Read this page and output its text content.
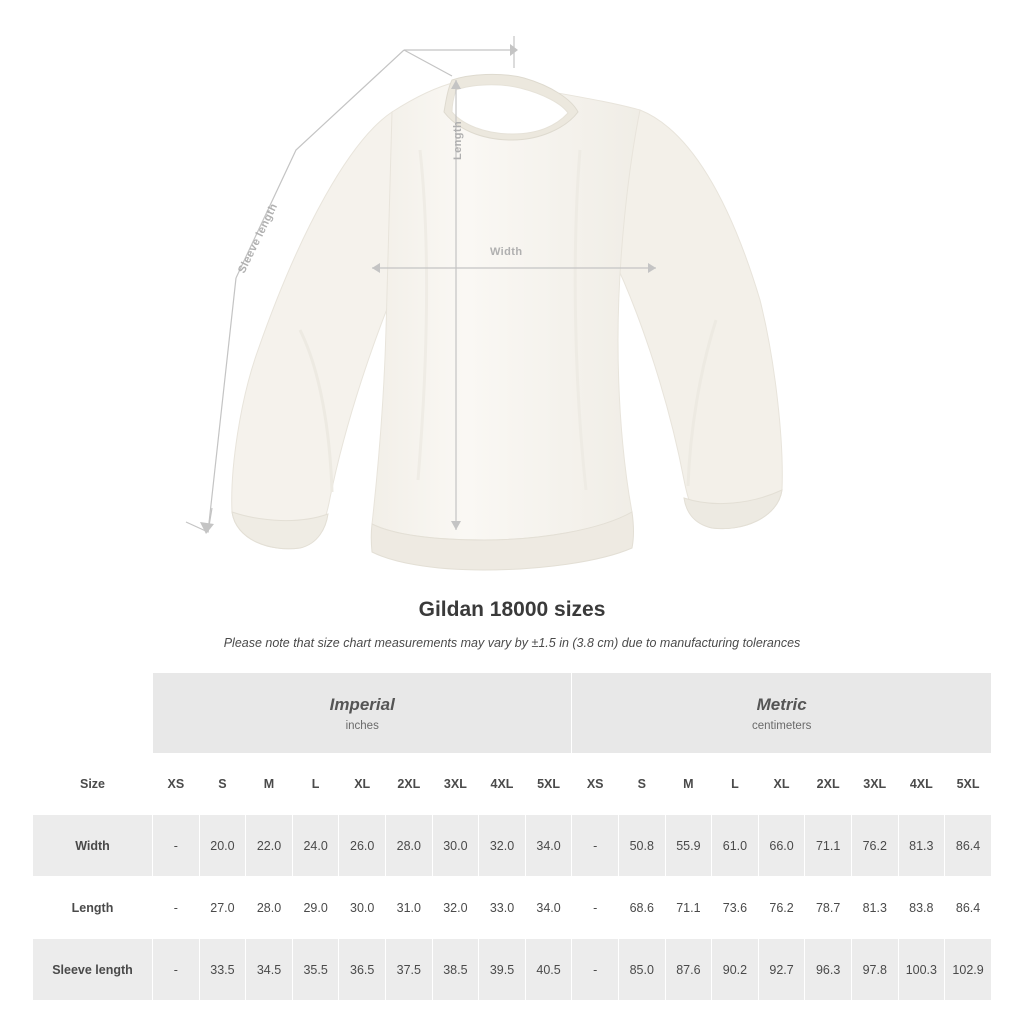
Length
Width
Sleeve length
Gildan 18000 sizes
Please note that size chart measurements may vary by ±1.5 in (3.8 cm) due to manufacturing tolerances

	Imperial
inches									Metric
centimeters								

Size	XS	S	M	L	XL	2XL	3XL	4XL	5XL	XS	S	M	L	XL	2XL	3XL	4XL	5XL
Width	-	20.0	22.0	24.0	26.0	28.0	30.0	32.0	34.0	-	50.8	55.9	61.0	66.0	71.1	76.2	81.3	86.4
Length	-	27.0	28.0	29.0	30.0	31.0	32.0	33.0	34.0	-	68.6	71.1	73.6	76.2	78.7	81.3	83.8	86.4
Sleeve length	-	33.5	34.5	35.5	36.5	37.5	38.5	39.5	40.5	-	85.0	87.6	90.2	92.7	96.3	97.8	100.3	102.9
